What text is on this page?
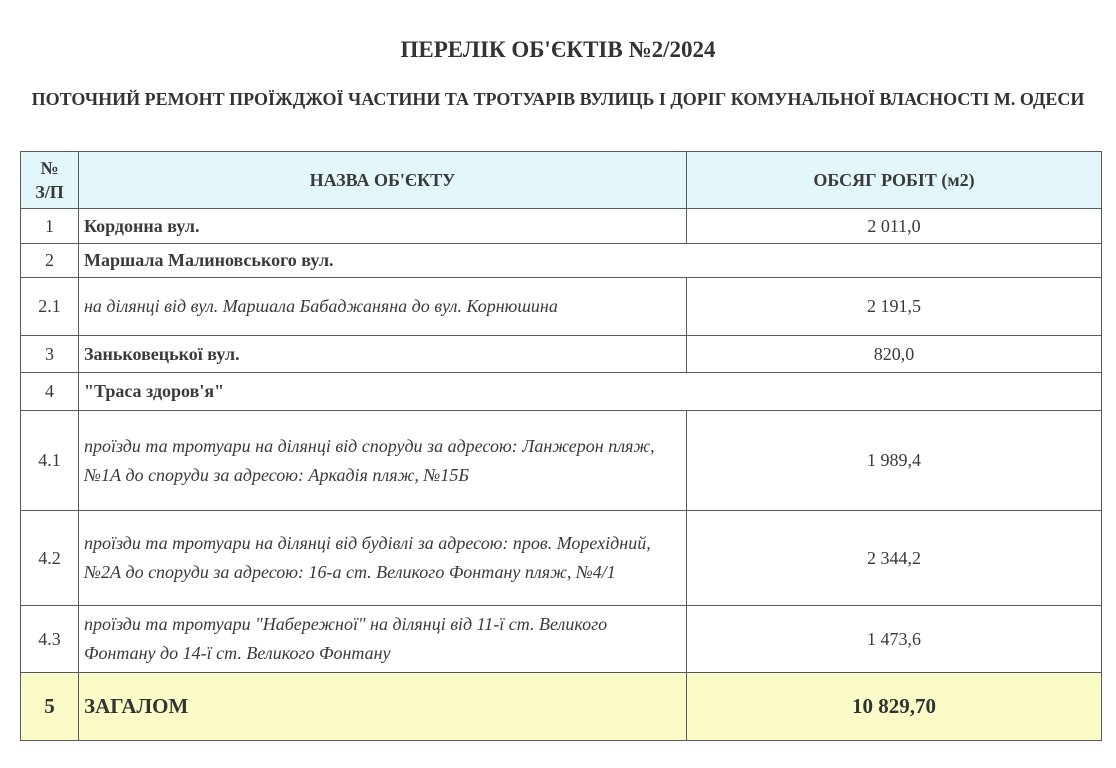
ПЕРЕЛІК ОБ'ЄКТІВ №2/2024
ПОТОЧНИЙ РЕМОНТ ПРОЇЖДЖОЇ ЧАСТИНИ ТА ТРОТУАРІВ ВУЛИЦЬ І ДОРІГ КОМУНАЛЬНОЇ ВЛАСНОСТІ М. ОДЕСИ
№
З/П	НАЗВА ОБ'ЄКТУ	ОБСЯГ РОБІТ (м2)
1	Кордонна вул.	2 011,0
2	Маршала Малиновського вул.	
2.1	на ділянці від вул. Маршала Бабаджаняна до вул. Корнюшина	2 191,5
3	Заньковецької вул.	820,0
4	"Траса здоров'я"	
4.1	проїзди та тротуари на ділянці від споруди за адресою: Ланжерон пляж, №1А до споруди за адресою: Аркадія пляж, №15Б	1 989,4
4.2	проїзди та тротуари на ділянці від будівлі за адресою: пров. Морехідний, №2А до споруди за адресою: 16-а ст. Великого Фонтану пляж, №4/1	2 344,2
4.3	проїзди та тротуари "Набережної" на ділянці від 11-ї ст. Великого Фонтану до 14-ї ст. Великого Фонтану	1 473,6
5	ЗАГАЛОМ	10 829,70
